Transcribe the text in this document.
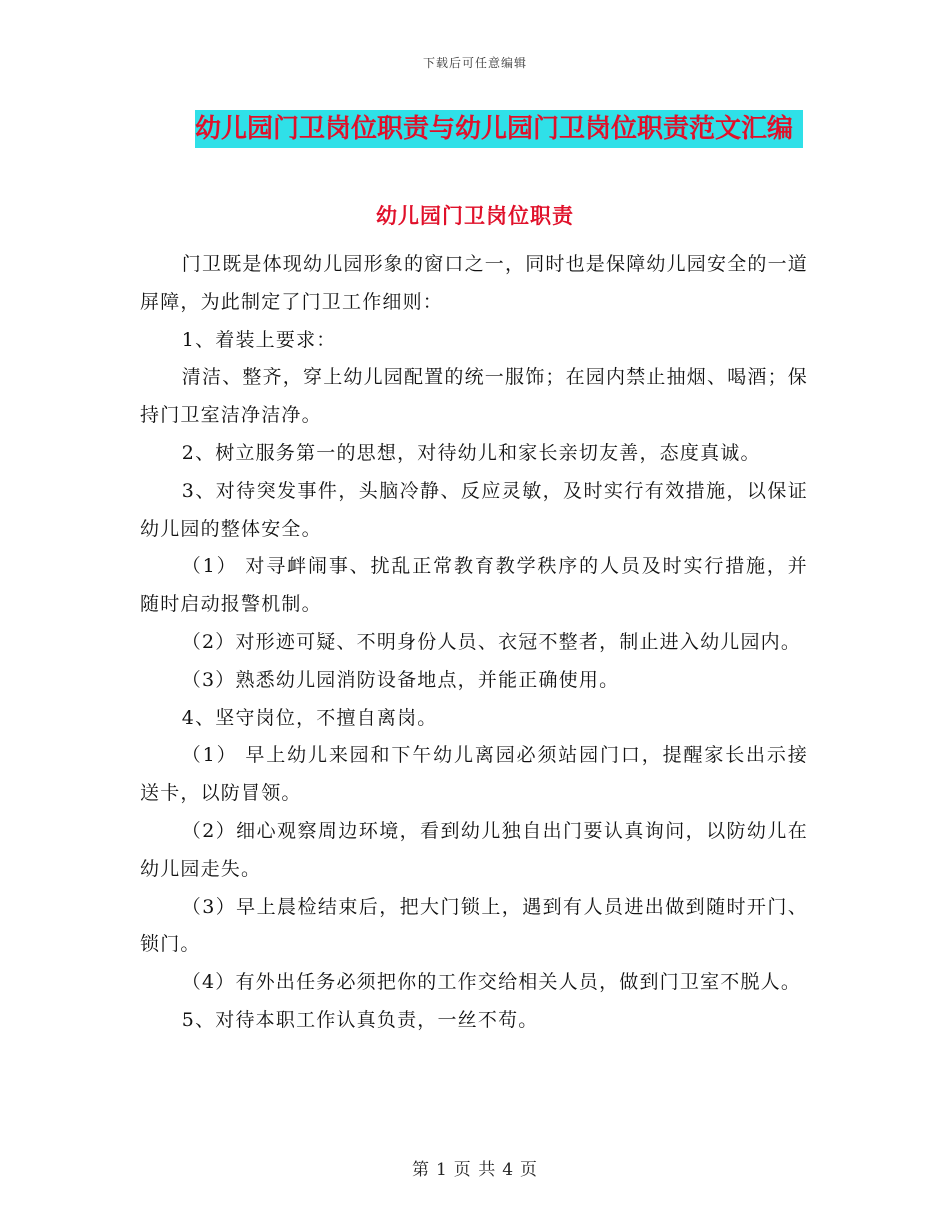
下载后可任意编辑
幼儿园门卫岗位职责与幼儿园门卫岗位职责范文汇编
幼儿园门卫岗位职责

门卫既是体现幼儿园形象的窗口之一，同时也是保障幼儿园安全的一道屏障，为此制定了门卫工作细则：

1、着装上要求：

清洁、整齐，穿上幼儿园配置的统一服饰；在园内禁止抽烟、喝酒；保持门卫室洁净洁净。

2、树立服务第一的思想，对待幼儿和家长亲切友善，态度真诚。

3、对待突发事件，头脑冷静、反应灵敏，及时实行有效措施，以保证幼儿园的整体安全。

（1） 对寻衅闹事、扰乱正常教育教学秩序的人员及时实行措施，并随时启动报警机制。

（2）对形迹可疑、不明身份人员、衣冠不整者，制止进入幼儿园内。

（3）熟悉幼儿园消防设备地点，并能正确使用。

4、坚守岗位，不擅自离岗。

（1） 早上幼儿来园和下午幼儿离园必须站园门口，提醒家长出示接送卡，以防冒领。

（2）细心观察周边环境，看到幼儿独自出门要认真询问，以防幼儿在幼儿园走失。

（3）早上晨检结束后，把大门锁上，遇到有人员进出做到随时开门、锁门。

（4）有外出任务必须把你的工作交给相关人员，做到门卫室不脱人。

5、对待本职工作认真负责，一丝不苟。

第 1 页 共 4 页
